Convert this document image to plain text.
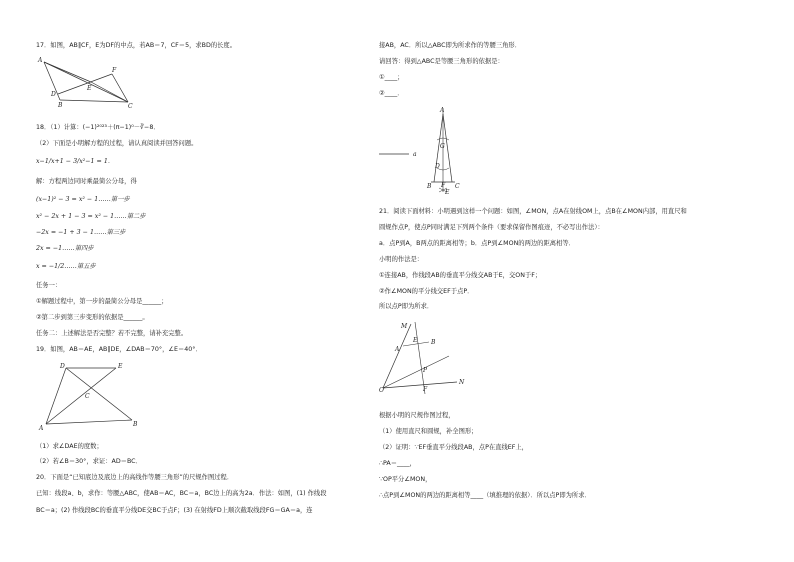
17．如图，AB∥CF，E为DF的中点，若AB＝7，CF＝5，求BD的长度。
A
F
E
D
B	C
18．（1）计算：(−1)²⁰²³＋(π−1)⁰－∛−8．
（2）下面是小明解方程的过程，请认真阅读并回答问题。
x−1/x+1 − 3/x²−1 = 1．
解：方程两边同时乘最简公分母，得
(x−1)² − 3 = x² − 1……第一步
x² − 2x + 1 − 3 = x² − 1……第二步
−2x = −1 + 3 − 1……第三步
2x = −1……第四步
x = −1/2……第五步
任务一：
①解题过程中，第一步的最简公分母是______；
②第二步到第三步变形的依据是______。
任务二：上述解法是否完整？若不完整，请补充完整。
19．如图，AB＝AE，AB∥DE，∠DAB＝70°，∠E＝40°．
D	E
C
A
B
（1）求∠DAE的度数；
（2）若∠B＝30°，求证：AD＝BC．
20．下面是“已知底边及底边上的高线作等腰三角形”的尺规作图过程．
已知：线段a、b，求作：等腰△ABC，使AB＝AC，BC＝a，BC边上的高为2a．作法：如图，(1) 作线段
BC＝a；(2) 作线段BC的垂直平分线DE交BC于点F；(3) 在射线FD上顺次截取线段FG＝GA＝a，连
接AB，AC．所以△ABC即为所求作的等腰三角形．
请回答：得到△ABC是等腰三角形的依据是：
①____；
②____．
a
A
G
D
B F C
E
21．阅读下面材料：小明遇到这样一个问题：如图，∠MON，点A在射线OM上，点B在∠MON内部，用直尺和
圆规作点P，使点P同时满足下列两个条件（要求保留作图痕迹，不必写出作法）：
a．点P到A，B两点的距离相等；b．点P到∠MON的两边的距离相等．
小明的作法是：
①连接AB，作线段AB的垂直平分线交AB于E，交ON于F；
②作∠MON的平分线交EF于点P．
所以点P即为所求．
M
A
E B
O
P
F
N
根据小明的尺规作图过程，
（1）使用直尺和圆规，补全图形；
（2）证明：∵EF垂直平分线段AB，点P在直线EF上，
∴PA＝____，
∵OP平分∠MON，
∴点P到∠MON的两边的距离相等____（填推理的依据）．所以点P即为所求．
